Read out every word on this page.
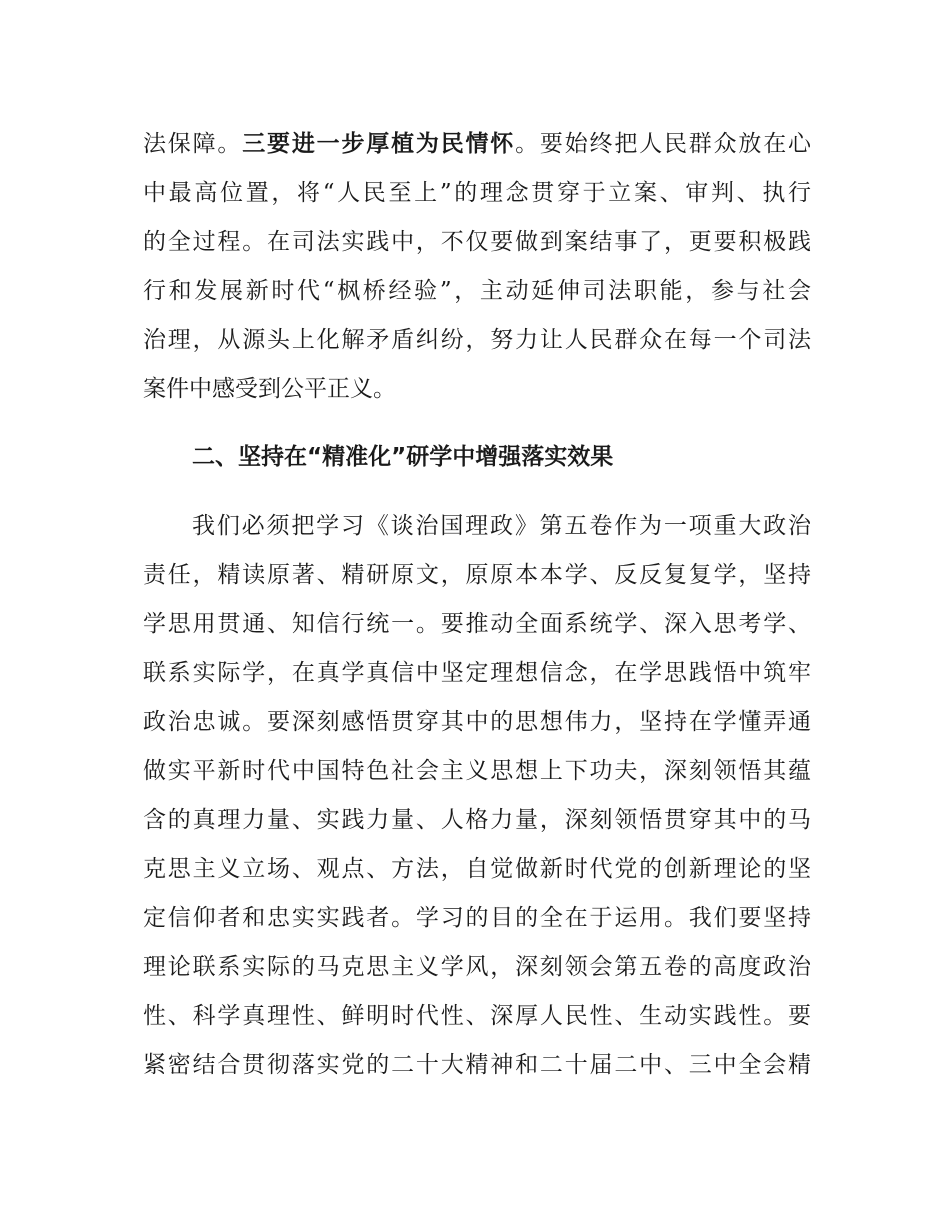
法保障。三要进一步厚植为民情怀。要始终把人民群众放在心
中最高位置，将“人民至上”的理念贯穿于立案、审判、执行
的全过程。在司法实践中，不仅要做到案结事了，更要积极践
行和发展新时代“枫桥经验”，主动延伸司法职能，参与社会
治理，从源头上化解矛盾纠纷，努力让人民群众在每一个司法
案件中感受到公平正义。
二、坚持在“精准化”研学中增强落实效果
我们必须把学习《谈治国理政》第五卷作为一项重大政治
责任，精读原著、精研原文，原原本本学、反反复复学，坚持
学思用贯通、知信行统一。要推动全面系统学、深入思考学、
联系实际学，在真学真信中坚定理想信念，在学思践悟中筑牢
政治忠诚。要深刻感悟贯穿其中的思想伟力，坚持在学懂弄通
做实平新时代中国特色社会主义思想上下功夫，深刻领悟其蕴
含的真理力量、实践力量、人格力量，深刻领悟贯穿其中的马
克思主义立场、观点、方法，自觉做新时代党的创新理论的坚
定信仰者和忠实实践者。学习的目的全在于运用。我们要坚持
理论联系实际的马克思主义学风，深刻领会第五卷的高度政治
性、科学真理性、鲜明时代性、深厚人民性、生动实践性。要
紧密结合贯彻落实党的二十大精神和二十届二中、三中全会精
